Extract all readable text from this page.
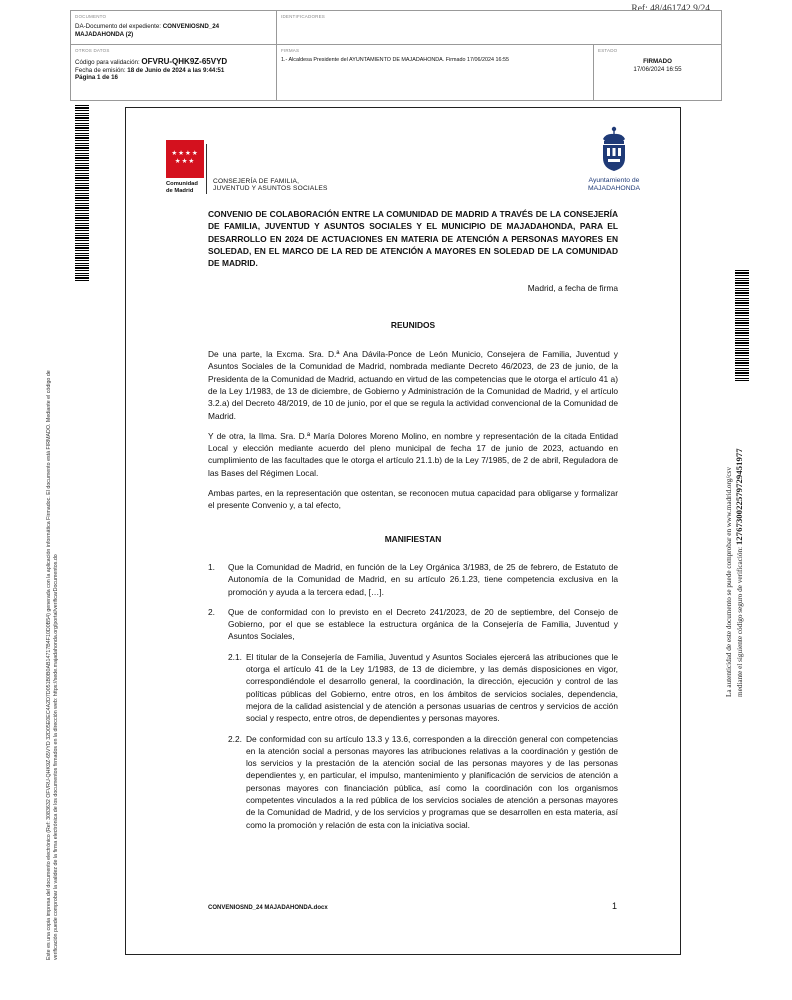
Ref: 48/461742.9/24
DOCUMENTO
DA-Documento del expediente: CONVENIOSND_24
MAJADAHONDA (2)
IDENTIFICADORES
OTROS DATOS
Código para validación: OFVRU-QHK9Z-65VYD
Fecha de emisión: 18 de Junio de 2024 a las 9:44:51
Página 1 de 16
FIRMAS
1.- Alcaldesa Presidente del AYUNTAMIENTO DE MAJADAHONDA. Firmado 17/06/2024 16:55
ESTADO
FIRMADO
17/06/2024 16:55
Este es una copia impresa del documento electrónico (Ref: 3083632 OFVRU-QHK9Z-65VYD 32D05E0EC4A2D7D051B0B0AB14717B4F10D0B54) generada con la aplicación informática Firmadoc. El documento está FIRMADO. Mediante el código de verificación puede comprobar la validez de la firma electrónica de los documentos firmados en la dirección web: https://sede.majadahonda.org/portal/verificarDocumentos.do	La autenticidad de este documento se puede comprobar en www.madrid.org/csv mediante el siguiente código seguro de verificación: 1276730022579729451977
★★★★
★★★
Comunidad
de Madrid
CONSEJERÍA DE FAMILIA,
JUVENTUD Y ASUNTOS SOCIALES
Ayuntamiento de
MAJADAHONDA

CONVENIO DE COLABORACIÓN ENTRE LA COMUNIDAD DE MADRID A TRAVÉS DE LA CONSEJERÍA DE FAMILIA, JUVENTUD Y ASUNTOS SOCIALES Y EL MUNICIPIO DE MAJADAHONDA, PARA EL DESARROLLO EN 2024 DE ACTUACIONES EN MATERIA DE ATENCIÓN A PERSONAS MAYORES EN SOLEDAD, EN EL MARCO DE LA RED DE ATENCIÓN A MAYORES EN SOLEDAD DE LA COMUNIDAD DE MADRID.

Madrid, a fecha de firma

REUNIDOS

De una parte, la Excma. Sra. D.ª Ana Dávila-Ponce de León Municio, Consejera de Familia, Juventud y Asuntos Sociales de la Comunidad de Madrid, nombrada mediante Decreto 46/2023, de 23 de junio, de la Presidenta de la Comunidad de Madrid, actuando en virtud de las competencias que le otorga el artículo 41 a) de la Ley 1/1983, de 13 de diciembre, de Gobierno y Administración de la Comunidad de Madrid, y el artículo 3.2.a) del Decreto 48/2019, de 10 de junio, por el que se regula la actividad convencional de la Comunidad de Madrid.

Y de otra, la Ilma. Sra. D.ª María Dolores Moreno Molino, en nombre y representación de la citada Entidad Local y elección mediante acuerdo del pleno municipal de fecha 17 de junio de 2023, actuando en cumplimiento de las facultades que le otorga el artículo 21.1.b) de la Ley 7/1985, de 2 de abril, Reguladora de las Bases del Régimen Local.

Ambas partes, en la representación que ostentan, se reconocen mutua capacidad para obligarse y formalizar el presente Convenio y, a tal efecto,

MANIFIESTAN

1. Que la Comunidad de Madrid, en función de la Ley Orgánica 3/1983, de 25 de febrero, de Estatuto de Autonomía de la Comunidad de Madrid, en su artículo 26.1.23, tiene competencia exclusiva en la promoción y ayuda a la tercera edad, […].
2. Que de conformidad con lo previsto en el Decreto 241/2023, de 20 de septiembre, del Consejo de Gobierno, por el que se establece la estructura orgánica de la Consejería de Familia, Juventud y Asuntos Sociales,
2.1. El titular de la Consejería de Familia, Juventud y Asuntos Sociales ejercerá las atribuciones que le otorga el artículo 41 de la Ley 1/1983, de 13 de diciembre, y las demás disposiciones en vigor, correspondiéndole el desarrollo general, la coordinación, la dirección, ejecución y control de las políticas públicas del Gobierno, entre otros, en los ámbitos de servicios sociales, dependencia, mejora de la calidad asistencial y de atención a personas usuarias de centros y servicios de acción social y respecto, entre otros, de dependientes y personas mayores.
2.2. De conformidad con su artículo 13.3 y 13.6, corresponden a la dirección general con competencias en la atención social a personas mayores las atribuciones relativas a la coordinación y gestión de los servicios y la prestación de la atención social de las personas mayores y de las personas dependientes y, en particular, el impulso, mantenimiento y planificación de servicios de atención a personas mayores con financiación pública, así como la coordinación con los organismos competentes vinculados a la red pública de los servicios sociales de atención a personas mayores de la Comunidad de Madrid, y de los servicios y programas que se desarrollen en esta materia, así como la promoción y relación de esta con la iniciativa social.
CONVENIOSND_24 MAJADAHONDA.docx	1
